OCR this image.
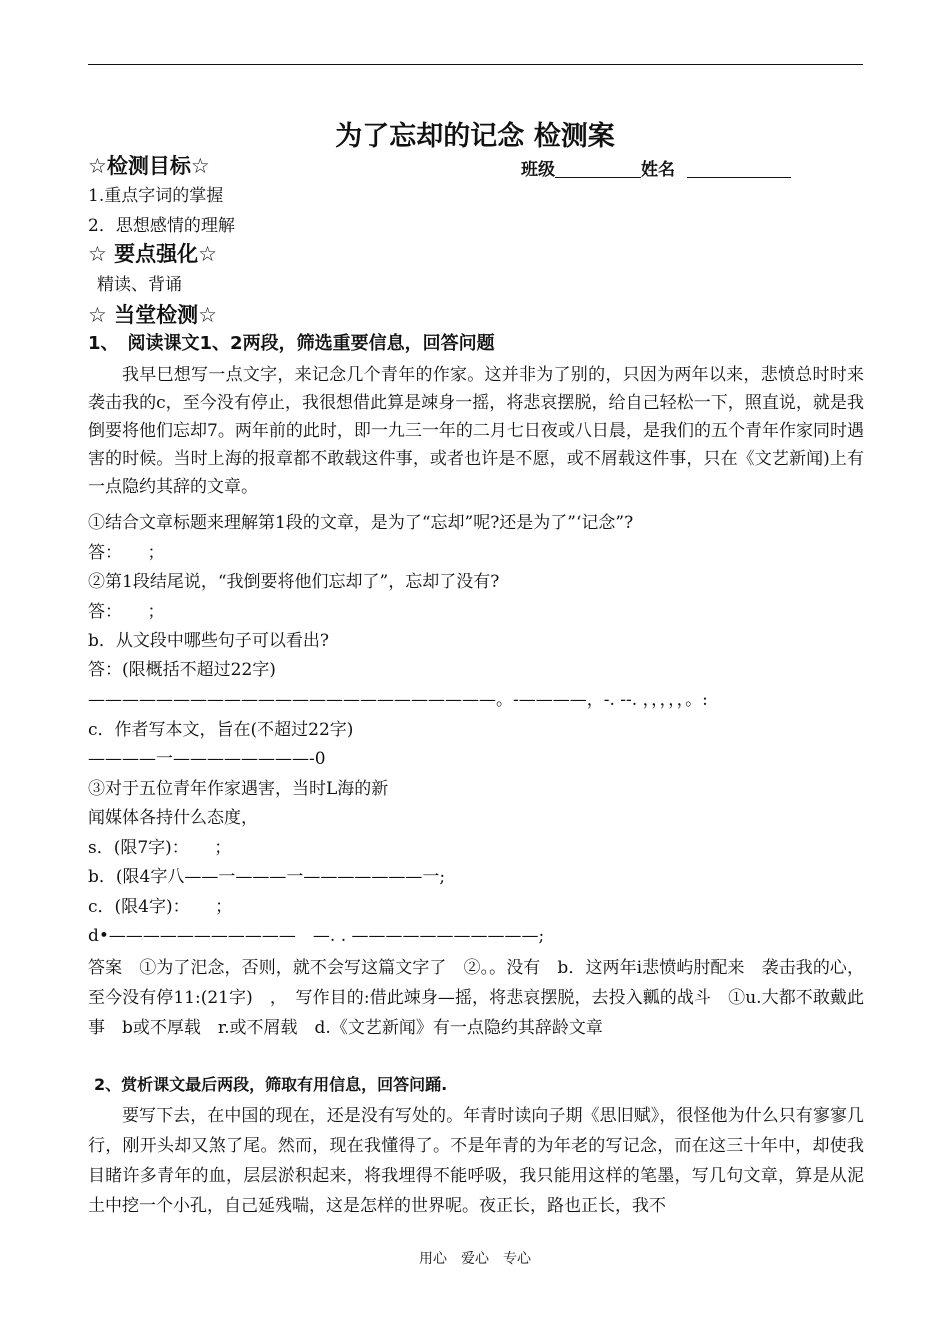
为了忘却的记念 检测案
☆检测目标☆	班级	姓名
1.重点字词的掌握
2．思想感情的理解
☆ 要点强化☆
精读、背诵
☆ 当堂检测☆
1、　阅读课文1、2两段，筛选重要信息，回答问题
我早巳想写一点文字，来记念几个青年的作家。这并非为了别的，只因为两年以来，悲愤总时时来袭击我的c，至今没有停止，我很想借此算是竦身一摇，将悲哀摆脱，给自己轻松一下，照直说，就是我倒要将他们忘却7。两年前的此时，即一九三一年的二月七日夜或八日晨，是我们的五个青年作家同时遇害的时候。当时上海的报章都不敢载这件事，或者也许是不愿，或不屑载这件事，只在《文艺新闻)上有一点隐约其辞的文章。
①结合文章标题来理解第1段的文章，是为了“忘却”呢?还是为了”‘记念”?
答：　　；
②第1段结尾说，“我倒要将他们忘却了”，忘却了没有?
答：　　；
b．从文段中哪些句子可以看出?
答：(限概括不超过22字)
————————————————————————。-————，-. --. ，，，，，。:
c．作者写本文，旨在(不超过22字)
————一————————-0
③对于五位青年作家遇害，当时L海的新
闻媒体各持什么态度，
s．(限7字)：　　；
b．(限4字八——一———一———————一;
c．(限4字)：　　；
d•———————————　—. . ———————————;
答案　①为了汜念，否则，就不会写这篇文字了　②。。没有　b．这两年i悲愤屿肘配来　袭击我的心，至今没有停11:(21字)　，　写作目的:借此竦身—摇，将悲哀摆脱，去投入瓤的战斗　①u.大都不敢戴此事　b或不厚载　r.或不屑载　d.《文艺新闻》有一点隐约其辞龄文章
2、赏析课文最后两段，筛取有用信息，回答问踊.
要写下去，在中国的现在，还是没有写处的。年青时读向子期《思旧赋》，很怪他为什么只有寥寥几行，刚开头却又煞了尾。然而，现在我懂得了。不是年青的为年老的写记念，而在这三十年中，却使我目睹许多青年的血，层层淤积起来，将我埋得不能呼吸，我只能用这样的笔墨，写几句文章，算是从泥土中挖一个小孔，自己延残喘，这是怎样的世界呢。夜正长，路也正长，我不
用心　爱心　专心
